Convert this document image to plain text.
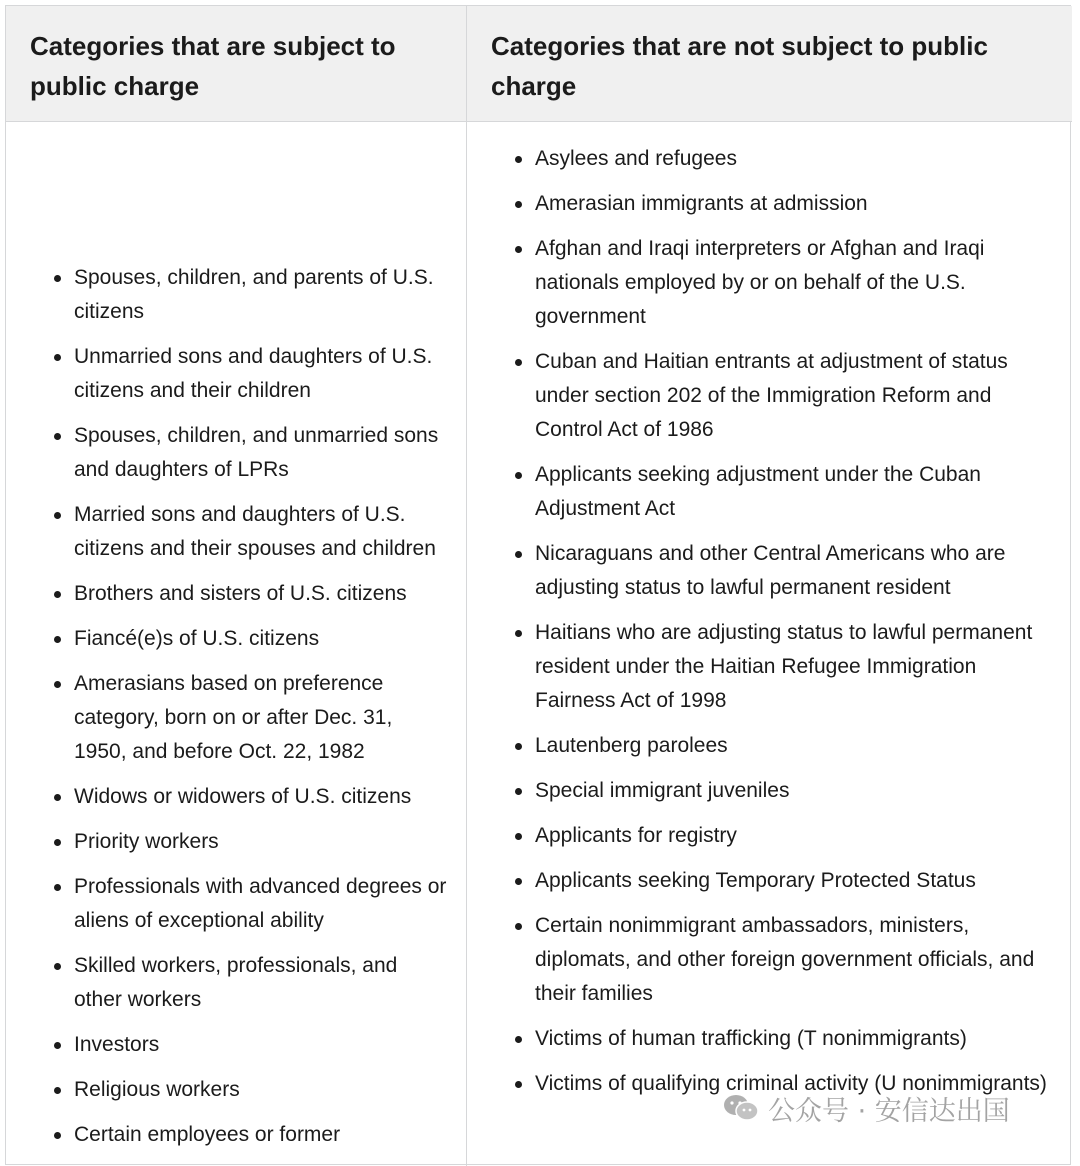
Categories that are subject to public charge
Categories that are not subject to public charge
Spouses, children, and parents of U.S. citizens
Unmarried sons and daughters of U.S. citizens and their children
Spouses, children, and unmarried sons and daughters of LPRs
Married sons and daughters of U.S. citizens and their spouses and children
Brothers and sisters of U.S. citizens
Fiancé(e)s of U.S. citizens
Amerasians based on preference category, born on or after Dec. 31, 1950, and before Oct. 22, 1982
Widows or widowers of U.S. citizens
Priority workers
Professionals with advanced degrees or aliens of exceptional ability
Skilled workers, professionals, and other workers
Investors
Religious workers
Certain employees or former
Asylees and refugees
Amerasian immigrants at admission
Afghan and Iraqi interpreters or Afghan and Iraqi nationals employed by or on behalf of the U.S. government
Cuban and Haitian entrants at adjustment of status under section 202 of the Immigration Reform and Control Act of 1986
Applicants seeking adjustment under the Cuban Adjustment Act
Nicaraguans and other Central Americans who are adjusting status to lawful permanent resident
Haitians who are adjusting status to lawful permanent resident under the Haitian Refugee Immigration Fairness Act of 1998
Lautenberg parolees
Special immigrant juveniles
Applicants for registry
Applicants seeking Temporary Protected Status
Certain nonimmigrant ambassadors, ministers, diplomats, and other foreign government officials, and their families
Victims of human trafficking (T nonimmigrants)
Victims of qualifying criminal activity (U nonimmigrants)
公众号 · 安信达出国
